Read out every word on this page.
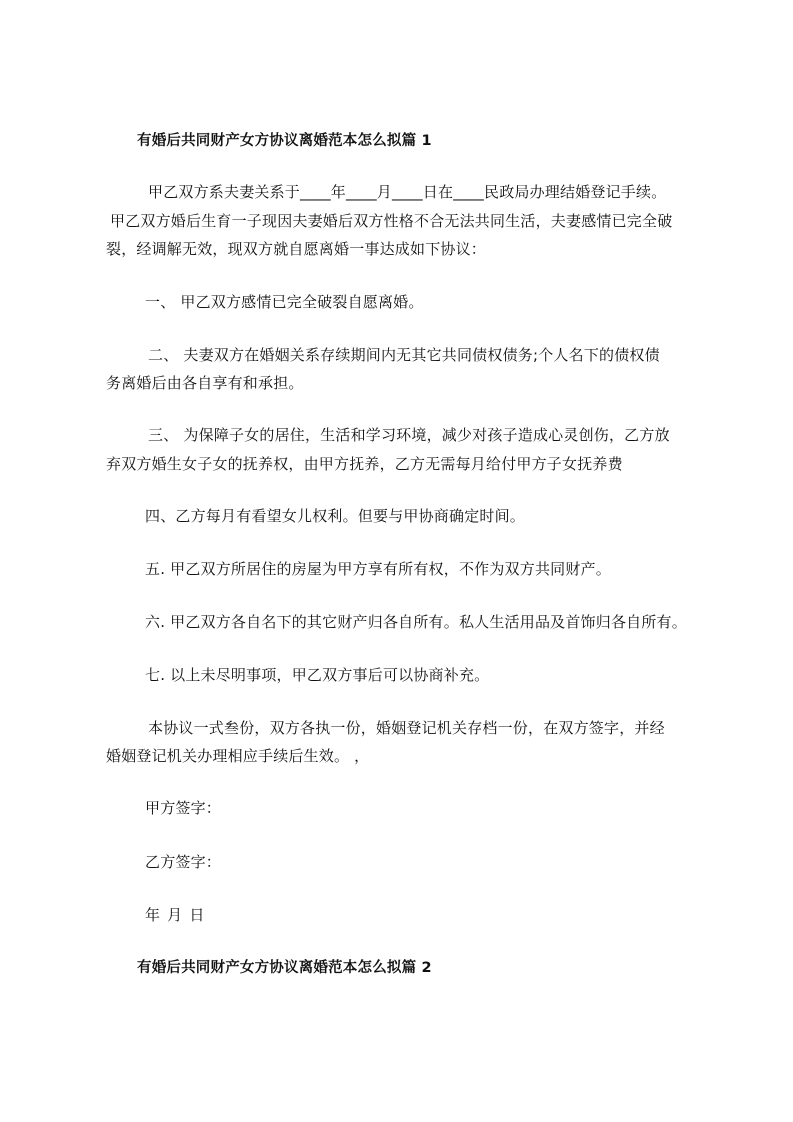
有婚后共同财产女方协议离婚范本怎么拟篇 1
甲乙双方系夫妻关系于____年____月____日在____民政局办理结婚登记手续。
甲乙双方婚后生育一子现因夫妻婚后双方性格不合无法共同生活，夫妻感情已完全破
裂，经调解无效，现双方就自愿离婚一事达成如下协议：
一、 甲乙双方感情已完全破裂自愿离婚。
二、 夫妻双方在婚姻关系存续期间内无其它共同债权债务;个人名下的债权债
务离婚后由各自享有和承担。
三、 为保障子女的居住，生活和学习环境，减少对孩子造成心灵创伤，乙方放
弃双方婚生女子女的抚养权，由甲方抚养，乙方无需每月给付甲方子女抚养费
四、乙方每月有看望女儿权利。但要与甲协商确定时间。
五. 甲乙双方所居住的房屋为甲方享有所有权，不作为双方共同财产。
六. 甲乙双方各自名下的其它财产归各自所有。私人生活用品及首饰归各自所有。
七. 以上未尽明事项，甲乙双方事后可以协商补充。
本协议一式叁份，双方各执一份，婚姻登记机关存档一份，在双方签字，并经
婚姻登记机关办理相应手续后生效。 ，
甲方签字：
乙方签字：
年 月 日
有婚后共同财产女方协议离婚范本怎么拟篇 2
